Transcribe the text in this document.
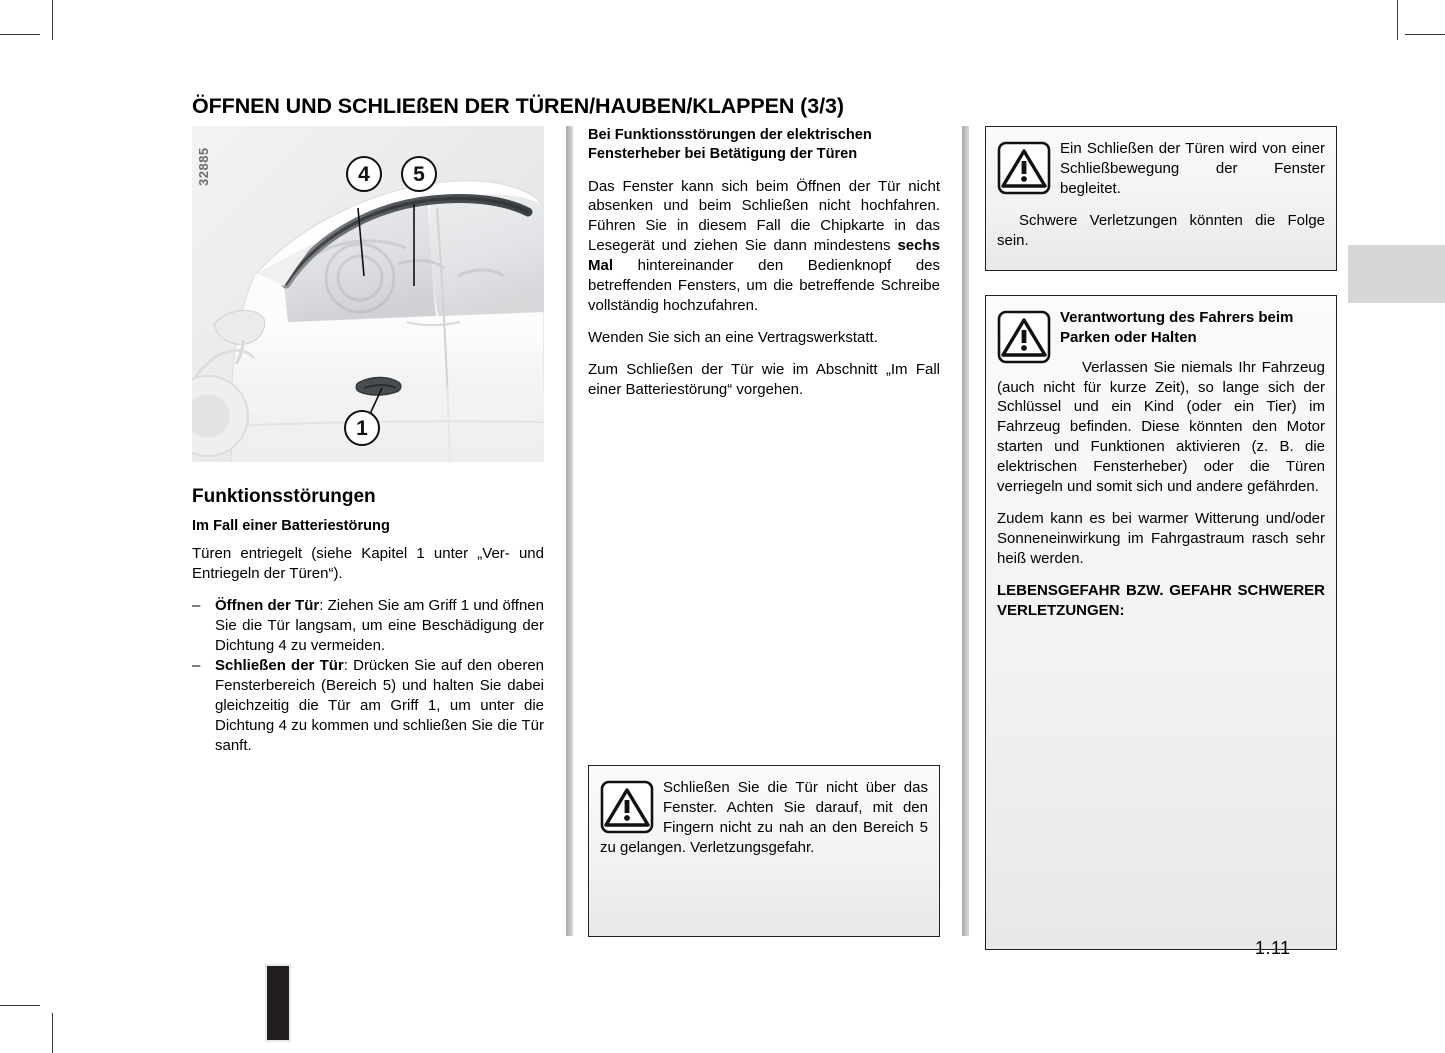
ÖFFNEN UND SCHLIEßEN DER TÜREN/HAUBEN/KLAPPEN (3/3)
32885	4 5
1
Funktionsstörungen
Im Fall einer Batteriestörung

Türen entriegelt (siehe Kapitel 1 unter „Ver- und Entriegeln der Türen“).

– Öffnen der Tür: Ziehen Sie am Griff 1 und öffnen Sie die Tür langsam, um eine Beschädigung der Dichtung 4 zu vermeiden.
– Schließen der Tür: Drücken Sie auf den oberen Fensterbereich (Bereich 5) und halten Sie dabei gleichzeitig die Tür am Griff 1, um unter die Dichtung 4 zu kommen und schließen Sie die Tür sanft.
Bei Funktionsstörungen der elektrischen Fensterheber bei Betätigung der Türen

Das Fenster kann sich beim Öffnen der Tür nicht absenken und beim Schließen nicht hochfahren. Führen Sie in diesem Fall die Chipkarte in das Lesegerät und ziehen Sie dann mindestens sechs Mal hintereinander den Bedienknopf des betreffenden Fensters, um die betreffende Schreibe vollständig hochzufahren.

Wenden Sie sich an eine Vertragswerkstatt.

Zum Schließen der Tür wie im Abschnitt „Im Fall einer Batteriestörung“ vorgehen.

Schließen Sie die Tür nicht über das Fenster. Achten Sie darauf, mit den Fingern nicht zu nah an den Bereich 5 zu gelangen. Verletzungsgefahr.

Ein Schließen der Türen wird von einer Schließbewegung der Fenster begleitet.

Schwere Verletzungen könnten die Folge sein.

Verantwortung des Fahrers beim Parken oder Halten

Verlassen Sie niemals Ihr Fahrzeug (auch nicht für kurze Zeit), so lange sich der Schlüssel und ein Kind (oder ein Tier) im Fahrzeug befinden. Diese könnten den Motor starten und Funktionen aktivieren (z. B. die elektrischen Fensterheber) oder die Türen verriegeln und somit sich und andere gefährden.

Zudem kann es bei warmer Witterung und/oder Sonneneinwirkung im Fahrgastraum rasch sehr heiß werden.

LEBENSGEFAHR BZW. GEFAHR SCHWERER VERLETZUNGEN:

1.11
